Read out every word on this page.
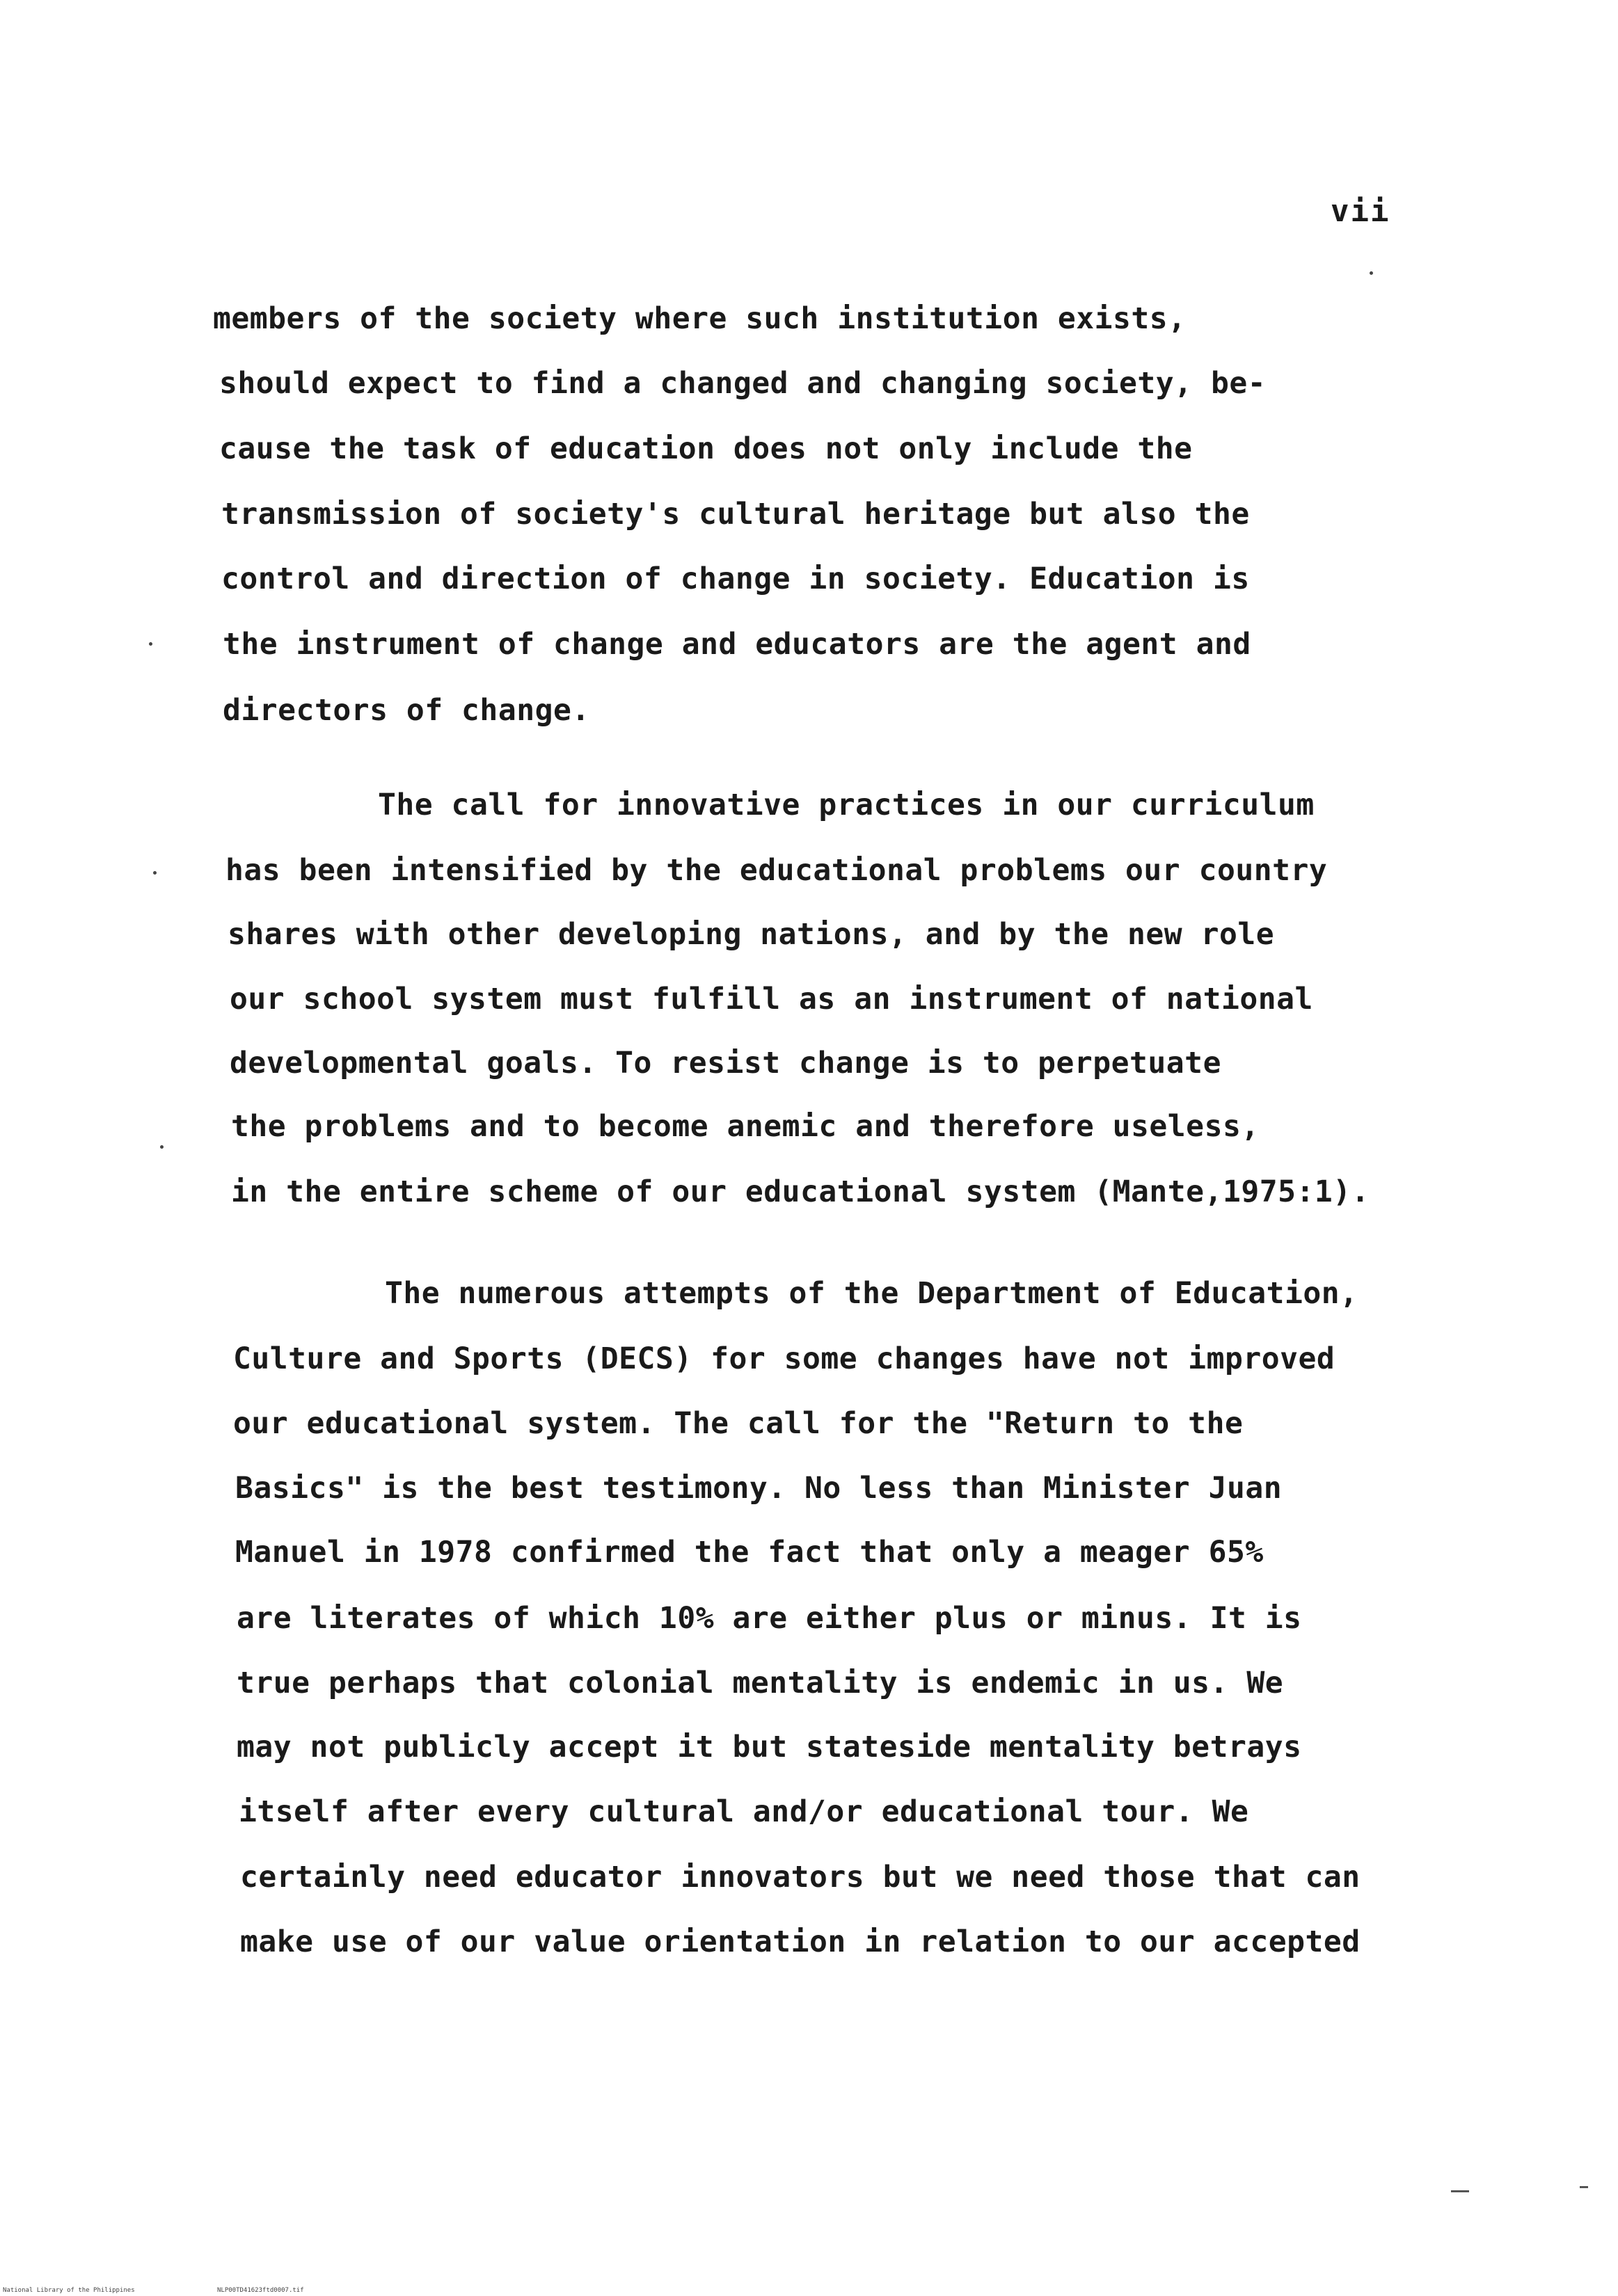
vii
members of the society where such institution exists,
should expect to find a changed and changing society, be-
cause the task of education does not only include the
transmission of society's cultural heritage but also the
control and direction of change in society. Education is
the instrument of change and educators are the agent and
directors of change.
The call for innovative practices in our curriculum
has been intensified by the educational problems our country
shares with other developing nations, and by the new role
our school system must fulfill as an instrument of national
developmental goals. To resist change is to perpetuate
the problems and to become anemic and therefore useless,
in the entire scheme of our educational system (Mante,1975:1).
The numerous attempts of the Department of Education,
Culture and Sports (DECS) for some changes have not improved
our educational system. The call for the "Return to the
Basics" is the best testimony. No less than Minister Juan
Manuel in 1978 confirmed the fact that only a meager 65%
are literates of which 10% are either plus or minus. It is
true perhaps that colonial mentality is endemic in us. We
may not publicly accept it but stateside mentality betrays
itself after every cultural and/or educational tour. We
certainly need educator innovators but we need those that can
make use of our value orientation in relation to our accepted
National Library of the Philippines	NLP00TD41623ftd0007.tif
